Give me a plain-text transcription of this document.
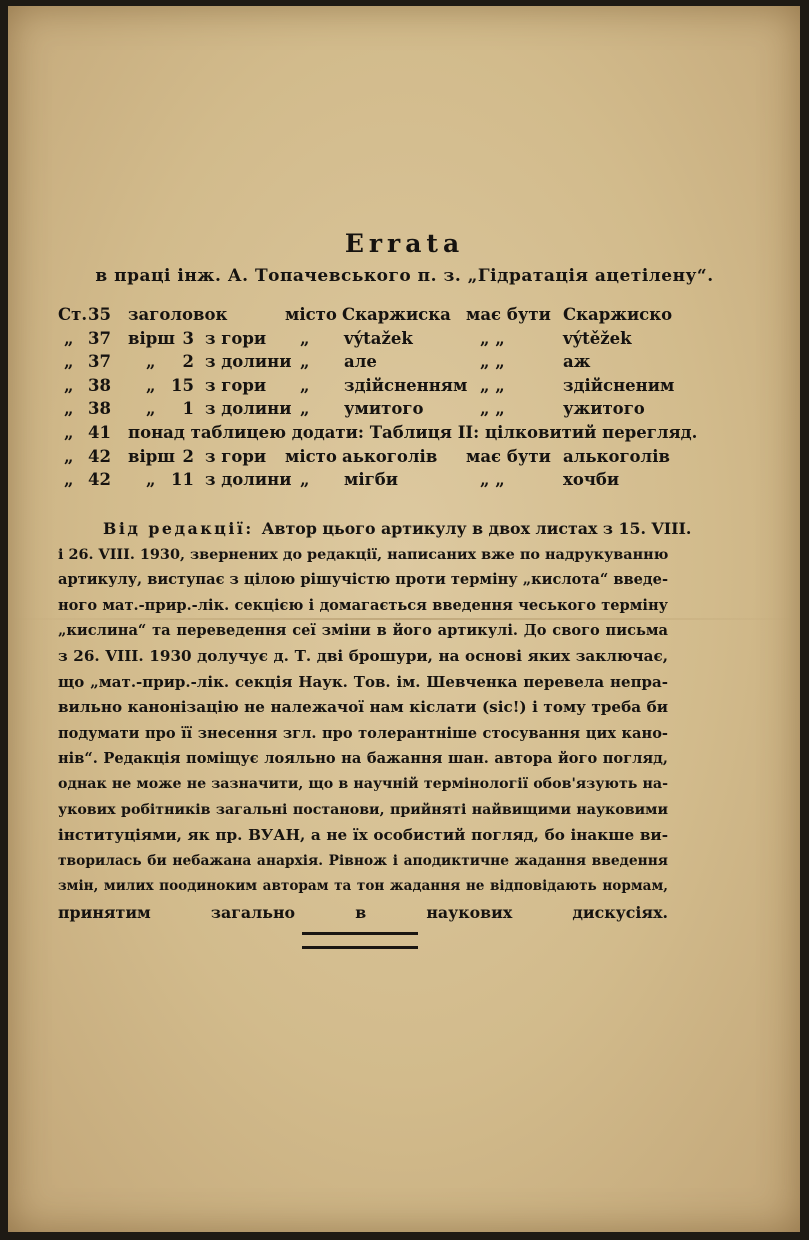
Errata
в праці інж. А. Топачевського п. з. „Гідратація ацетілену“.
Ст. 35 заголовок	місто Скаржиска має бути Скаржиско
„ 37 вірш 3 з гори „ výtažek	„ „	výtěžek
„ 37 „	2 з долини „ але	„ „	аж
„ 38 „ 15 з гори „ здійсненням „ „	здійсненим
„ 38 „	1 з долини „ умитого	„ „	ужитого
„ 41 понад таблицею додати: Таблиця II: цілковитий перегляд.
„ 42 вірш 2 з гори місто аькоголів має бути алькоголів
„ 42 „ 11 з долини „ мігби	„ „	хочби
Від редакції: Автор цього артикулу в двох листах з 15. VIII.
і 26. VIII. 1930, звернених до редакції, написаних вже по надрукуванню
артикулу, виступає з цілою рішучістю проти терміну „кислота“ введе-
ного мат.-прир.-лік. секцією і домагається введення чеського терміну
„кислина“ та переведення сеї зміни в його артикулі. До свого письма
з 26. VIII. 1930 долучує д. Т. дві брошури, на основі яких заключає,
що „мат.-прир.-лік. секція Наук. Тов. ім. Шевченка перевела непра-
вильно канонізацію не належачої нам кіслати (sic!) і тому треба би
подумати про її знесення згл. про толерантніше стосування цих кано-
нів“. Редакція поміщує лояльно на бажання шан. автора його погляд,
однак не може не зазначити, що в научній термінології обов'язують на-
укових робітників загальні постанови, прийняті найвищими науковими
інституціями, як пр. ВУАН, а не їх особистий погляд, бо інакше ви-
творилась би небажана анархія. Рівнож і аподиктичне жадання введення
змін, милих поодиноким авторам та тон жадання не відповідають нормам,
принятим загально в наукових дискусіях.
